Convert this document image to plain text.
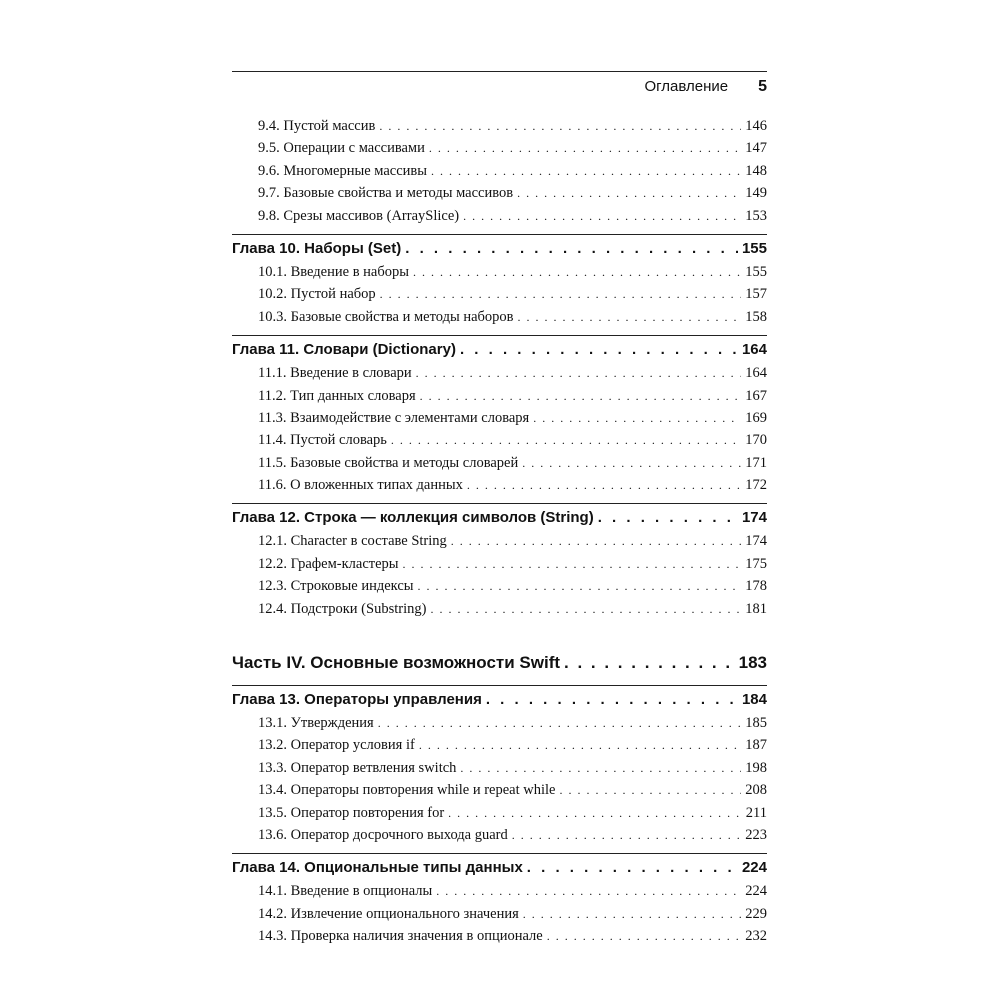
Оглавление 5
9.4. Пустой массив . . .	146
9.5. Операции с массивами . . .	147
9.6. Многомерные массивы . . .	148
9.7. Базовые свойства и методы массивов . . .	149
9.8. Срезы массивов (ArraySlice) . . .	153
Глава 10. Наборы (Set) . . .	155
10.1. Введение в наборы . . .	155
10.2. Пустой набор . . .	157
10.3. Базовые свойства и методы наборов . . .	158
Глава 11. Словари (Dictionary) . . .	164
11.1. Введение в словари . . .	164
11.2. Тип данных словаря . . .	167
11.3. Взаимодействие с элементами словаря . . .	169
11.4. Пустой словарь . . .	170
11.5. Базовые свойства и методы словарей . . .	171
11.6. О вложенных типах данных . . .	172
Глава 12. Строка — коллекция символов (String) . . .	174
12.1. Character в составе String . . .	174
12.2. Графем-кластеры . . .	175
12.3. Строковые индексы . . .	178
12.4. Подстроки (Substring) . . .	181
Часть IV. Основные возможности Swift . . .	183
Глава 13. Операторы управления . . .	184
13.1. Утверждения . . .	185
13.2. Оператор условия if . . .	187
13.3. Оператор ветвления switch . . .	198
13.4. Операторы повторения while и repeat while . . .	208
13.5. Оператор повторения for . . .	211
13.6. Оператор досрочного выхода guard . . .	223
Глава 14. Опциональные типы данных . . .	224
14.1. Введение в опционалы . . .	224
14.2. Извлечение опционального значения . . .	229
14.3. Проверка наличия значения в опционале . . .	232
